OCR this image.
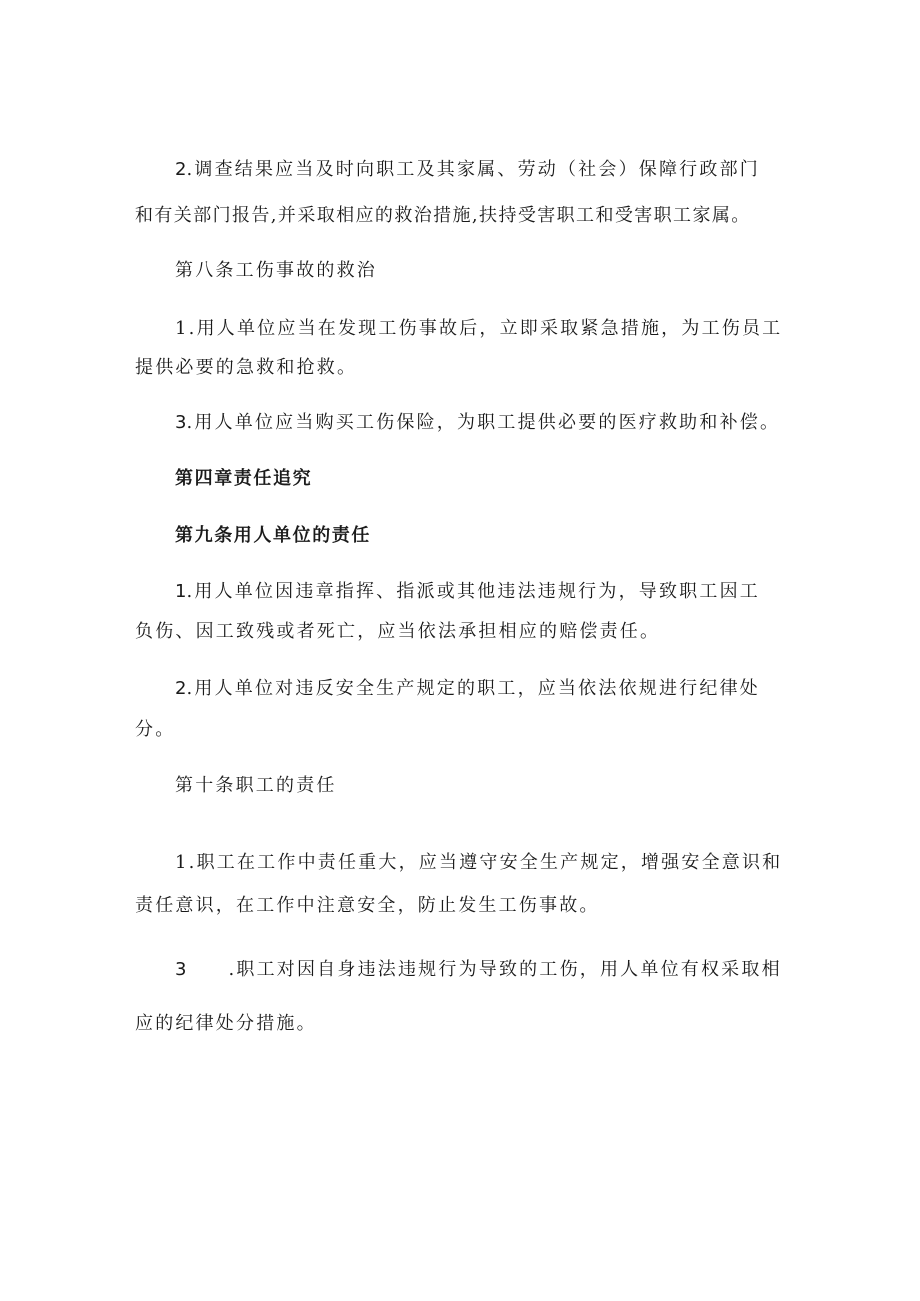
2.调查结果应当及时向职工及其家属、劳动（社会）保障行政部门
和有关部门报告,并采取相应的救治措施,扶持受害职工和受害职工家属。
第八条工伤事故的救治
1.用人单位应当在发现工伤事故后，立即采取紧急措施，为工伤员工
提供必要的急救和抢救。
3.用人单位应当购买工伤保险，为职工提供必要的医疗救助和补偿。
第四章责任追究
第九条用人单位的责任
1.用人单位因违章指挥、指派或其他违法违规行为，导致职工因工
负伤、因工致残或者死亡，应当依法承担相应的赔偿责任。
2.用人单位对违反安全生产规定的职工，应当依法依规进行纪律处
分。
第十条职工的责任
1.职工在工作中责任重大，应当遵守安全生产规定，增强安全意识和
责任意识，在工作中注意安全，防止发生工伤事故。
3 .职工对因自身违法违规行为导致的工伤，用人单位有权采取相
应的纪律处分措施。
